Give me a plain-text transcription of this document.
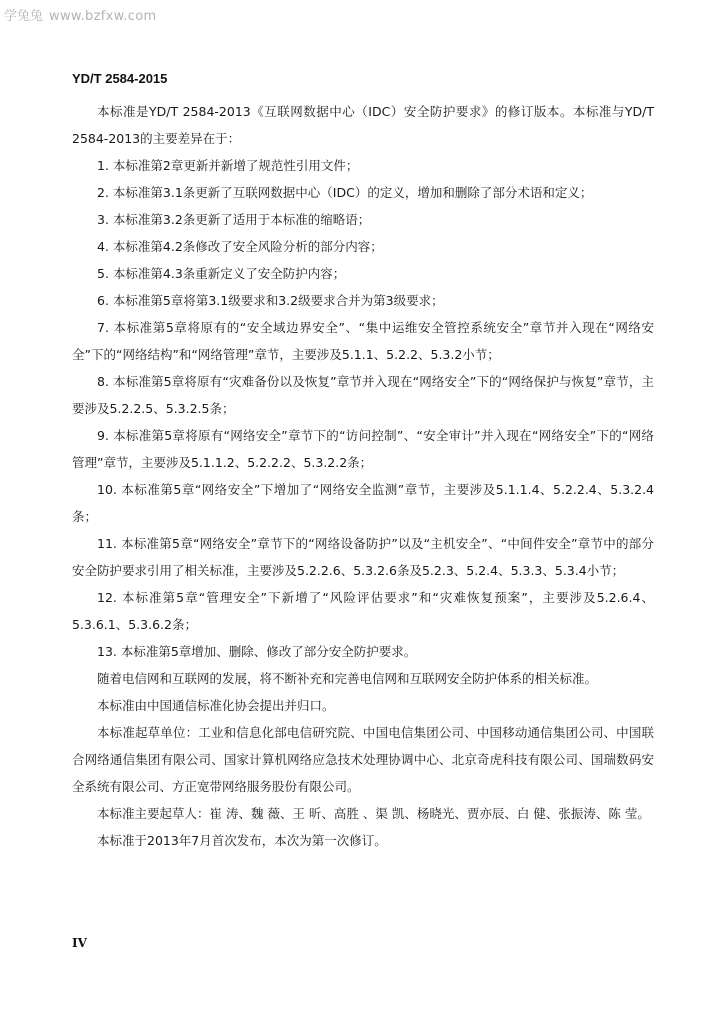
学兔兔 www.bzfxw.com
YD/T 2584-2015

本标准是YD/T 2584-2013《互联网数据中心（IDC）安全防护要求》的修订版本。本标准与YD/T 2584-2013的主要差异在于：

1. 本标准第2章更新并新增了规范性引用文件；

2. 本标准第3.1条更新了互联网数据中心（IDC）的定义，增加和删除了部分术语和定义；

3. 本标准第3.2条更新了适用于本标准的缩略语；

4. 本标准第4.2条修改了安全风险分析的部分内容；

5. 本标准第4.3条重新定义了安全防护内容；

6. 本标准第5章将第3.1级要求和3.2级要求合并为第3级要求；

7. 本标准第5章将原有的“安全域边界安全”、“集中运维安全管控系统安全”章节并入现在“网络安全”下的“网络结构”和“网络管理”章节，主要涉及5.1.1、5.2.2、5.3.2小节；

8. 本标准第5章将原有“灾难备份以及恢复”章节并入现在“网络安全”下的“网络保护与恢复”章节，主要涉及5.2.2.5、5.3.2.5条；

9. 本标准第5章将原有“网络安全”章节下的“访问控制”、“安全审计”并入现在“网络安全”下的“网络管理”章节，主要涉及5.1.1.2、5.2.2.2、5.3.2.2条；

10. 本标准第5章“网络安全”下增加了“网络安全监测”章节，主要涉及5.1.1.4、5.2.2.4、5.3.2.4条；

11. 本标准第5章“网络安全”章节下的“网络设备防护”以及“主机安全”、“中间件安全”章节中的部分安全防护要求引用了相关标准，主要涉及5.2.2.6、5.3.2.6条及5.2.3、5.2.4、5.3.3、5.3.4小节；

12. 本标准第5章“管理安全”下新增了“风险评估要求”和“灾难恢复预案”，主要涉及5.2.6.4、5.3.6.1、5.3.6.2条；

13. 本标准第5章增加、删除、修改了部分安全防护要求。

随着电信网和互联网的发展，将不断补充和完善电信网和互联网安全防护体系的相关标准。

本标准由中国通信标准化协会提出并归口。

本标准起草单位：工业和信息化部电信研究院、中国电信集团公司、中国移动通信集团公司、中国联合网络通信集团有限公司、国家计算机网络应急技术处理协调中心、北京奇虎科技有限公司、国瑞数码安全系统有限公司、方正宽带网络服务股份有限公司。

本标准主要起草人：崔 涛、魏 薇、王 昕、高胜 、渠 凯、杨晓光、贾亦辰、白 健、张振涛、陈 莹。

本标准于2013年7月首次发布，本次为第一次修订。

IV
